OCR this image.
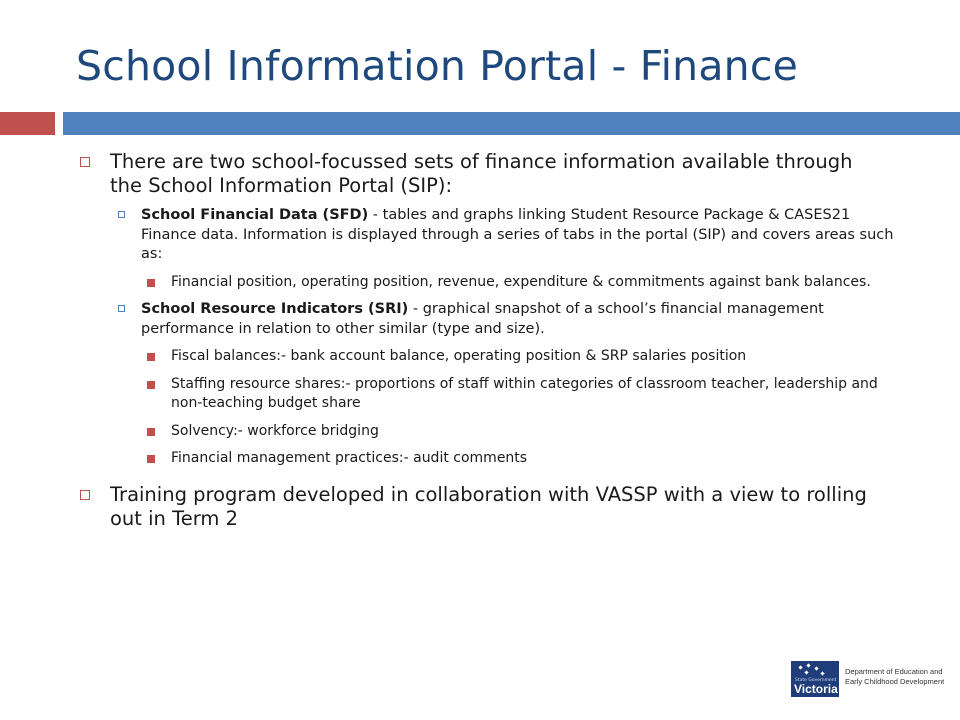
School Information Portal - Finance
There are two school-focussed sets of finance information available through the School Information Portal (SIP):
School Financial Data (SFD) - tables and graphs linking Student Resource Package & CASES21 Finance data. Information is displayed through a series of tabs in the portal (SIP) and covers areas such as:
Financial position, operating position, revenue, expenditure & commitments against bank balances.
School Resource Indicators (SRI) - graphical snapshot of a school’s financial management performance in relation to other similar (type and size).
Fiscal balances:- bank account balance, operating position & SRP salaries position
Staffing resource shares:- proportions of staff within categories of classroom teacher, leadership and non-teaching budget share
Solvency:- workforce bridging
Financial management practices:- audit comments
Training program developed in collaboration with VASSP with a view to rolling out in Term 2
State Government
Victoria
Department of Education and
Early Childhood Development
